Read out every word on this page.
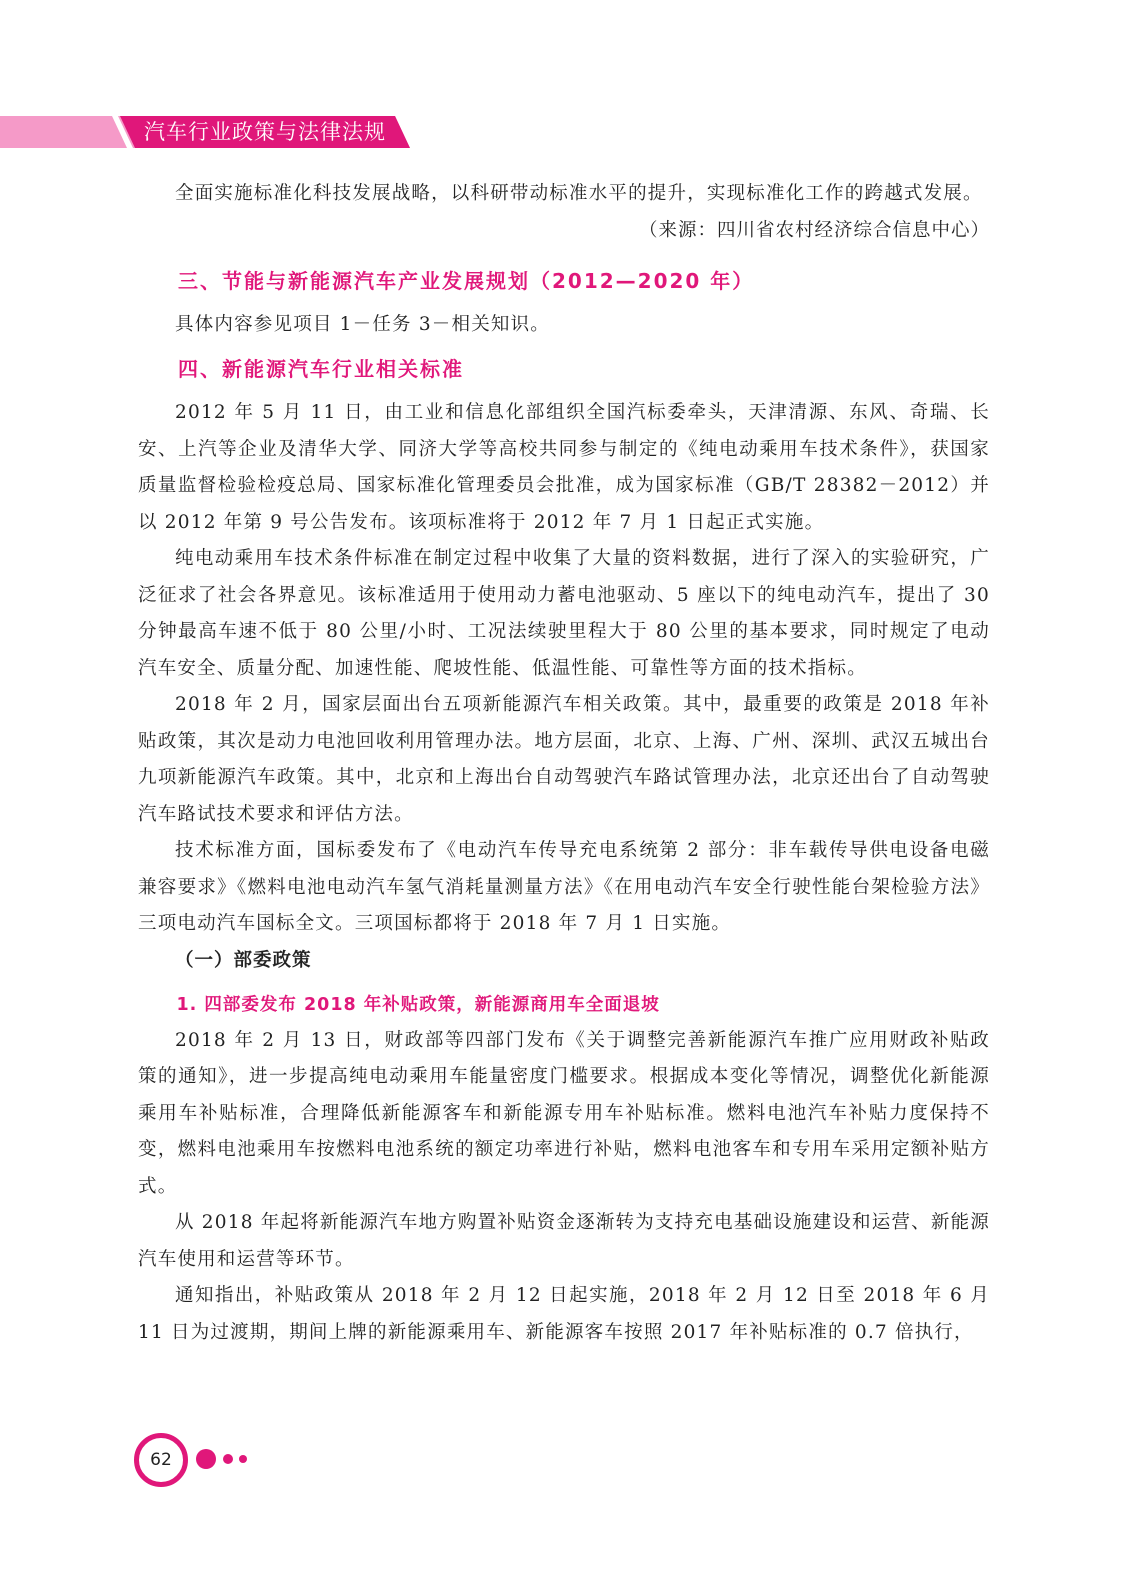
汽车行业政策与法律法规

全面实施标准化科技发展战略，以科研带动标准水平的提升，实现标准化工作的跨越式发展。

（来源：四川省农村经济综合信息中心）

三、节能与新能源汽车产业发展规划（2012—2020 年）

具体内容参见项目 1－任务 3－相关知识。

四、新能源汽车行业相关标准

2012 年 5 月 11 日，由工业和信息化部组织全国汽标委牵头，天津清源、东风、奇瑞、长安、上汽等企业及清华大学、同济大学等高校共同参与制定的《纯电动乘用车技术条件》，获国家质量监督检验检疫总局、国家标准化管理委员会批准，成为国家标准（GB/T 28382－2012）并以 2012 年第 9 号公告发布。该项标准将于 2012 年 7 月 1 日起正式实施。

纯电动乘用车技术条件标准在制定过程中收集了大量的资料数据，进行了深入的实验研究，广泛征求了社会各界意见。该标准适用于使用动力蓄电池驱动、5 座以下的纯电动汽车，提出了 30 分钟最高车速不低于 80 公里/小时、工况法续驶里程大于 80 公里的基本要求，同时规定了电动汽车安全、质量分配、加速性能、爬坡性能、低温性能、可靠性等方面的技术指标。

2018 年 2 月，国家层面出台五项新能源汽车相关政策。其中，最重要的政策是 2018 年补贴政策，其次是动力电池回收利用管理办法。地方层面，北京、上海、广州、深圳、武汉五城出台九项新能源汽车政策。其中，北京和上海出台自动驾驶汽车路试管理办法，北京还出台了自动驾驶汽车路试技术要求和评估方法。

技术标准方面，国标委发布了《电动汽车传导充电系统第 2 部分：非车载传导供电设备电磁兼容要求》《燃料电池电动汽车氢气消耗量测量方法》《在用电动汽车安全行驶性能台架检验方法》三项电动汽车国标全文。三项国标都将于 2018 年 7 月 1 日实施。

（一）部委政策

1. 四部委发布 2018 年补贴政策，新能源商用车全面退坡

2018 年 2 月 13 日，财政部等四部门发布《关于调整完善新能源汽车推广应用财政补贴政策的通知》，进一步提高纯电动乘用车能量密度门槛要求。根据成本变化等情况，调整优化新能源乘用车补贴标准，合理降低新能源客车和新能源专用车补贴标准。燃料电池汽车补贴力度保持不变，燃料电池乘用车按燃料电池系统的额定功率进行补贴，燃料电池客车和专用车采用定额补贴方式。

从 2018 年起将新能源汽车地方购置补贴资金逐渐转为支持充电基础设施建设和运营、新能源汽车使用和运营等环节。

通知指出，补贴政策从 2018 年 2 月 12 日起实施，2018 年 2 月 12 日至 2018 年 6 月 11 日为过渡期，期间上牌的新能源乘用车、新能源客车按照 2017 年补贴标准的 0.7 倍执行，

62
